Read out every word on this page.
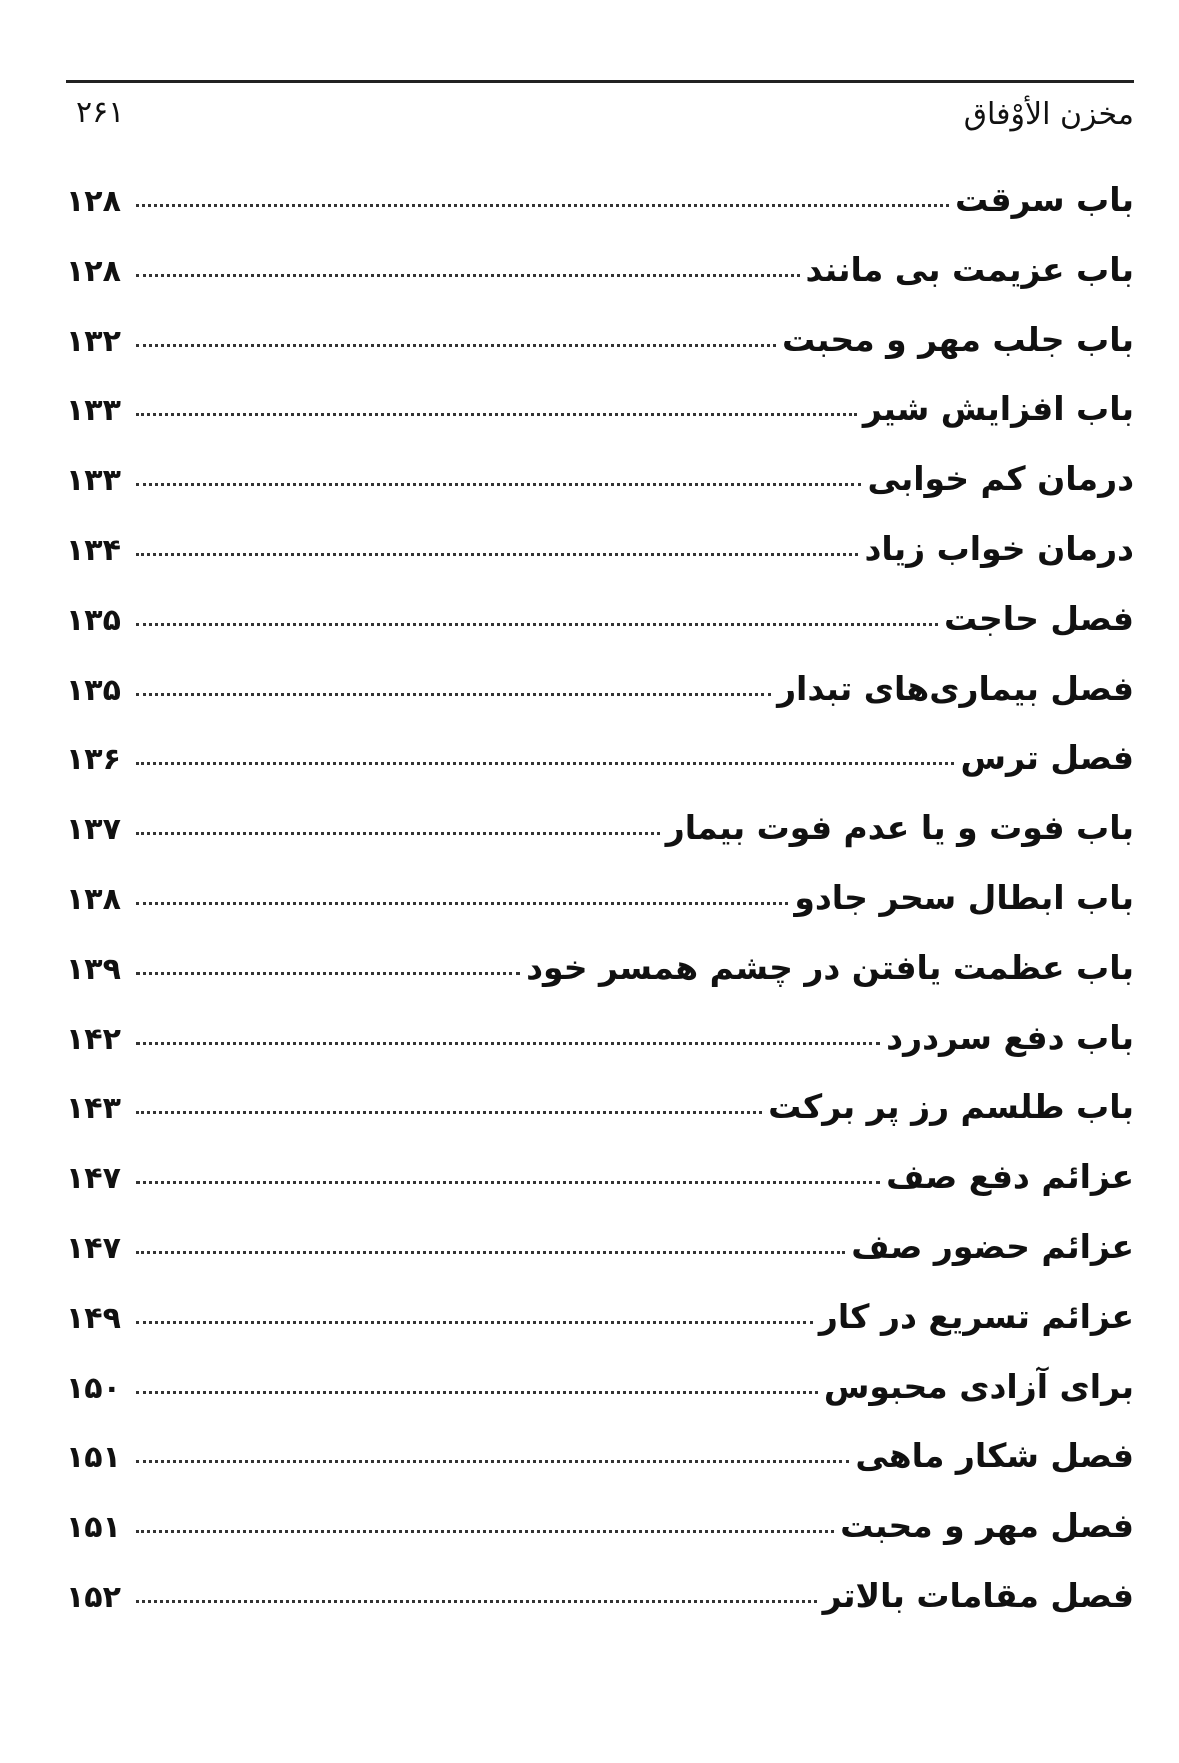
مخزن الأوْفاق
۲۶۱
۱۲۸	باب سرقت
۱۲۸	باب عزیمت بی مانند
۱۳۲	باب جلب مهر و محبت
۱۳۳	باب افزایش شیر
۱۳۳	درمان کم خوابی
۱۳۴	درمان خواب زیاد
۱۳۵	فصل حاجت
۱۳۵	فصل بیماری‌های تبدار
۱۳۶	فصل ترس
۱۳۷	باب فوت و یا عدم فوت بیمار
۱۳۸	باب ابطال سحر جادو
۱۳۹	باب عظمت یافتن در چشم همسر خود
۱۴۲	باب دفع سردرد
۱۴۳	باب طلسم رز پر برکت
۱۴۷	عزائم دفع صف
۱۴۷	عزائم حضور صف
۱۴۹	عزائم تسریع در کار
۱۵۰	برای آزادی محبوس
۱۵۱	فصل شکار ماهی
۱۵۱	فصل مهر و محبت
۱۵۲	فصل مقامات بالاتر
